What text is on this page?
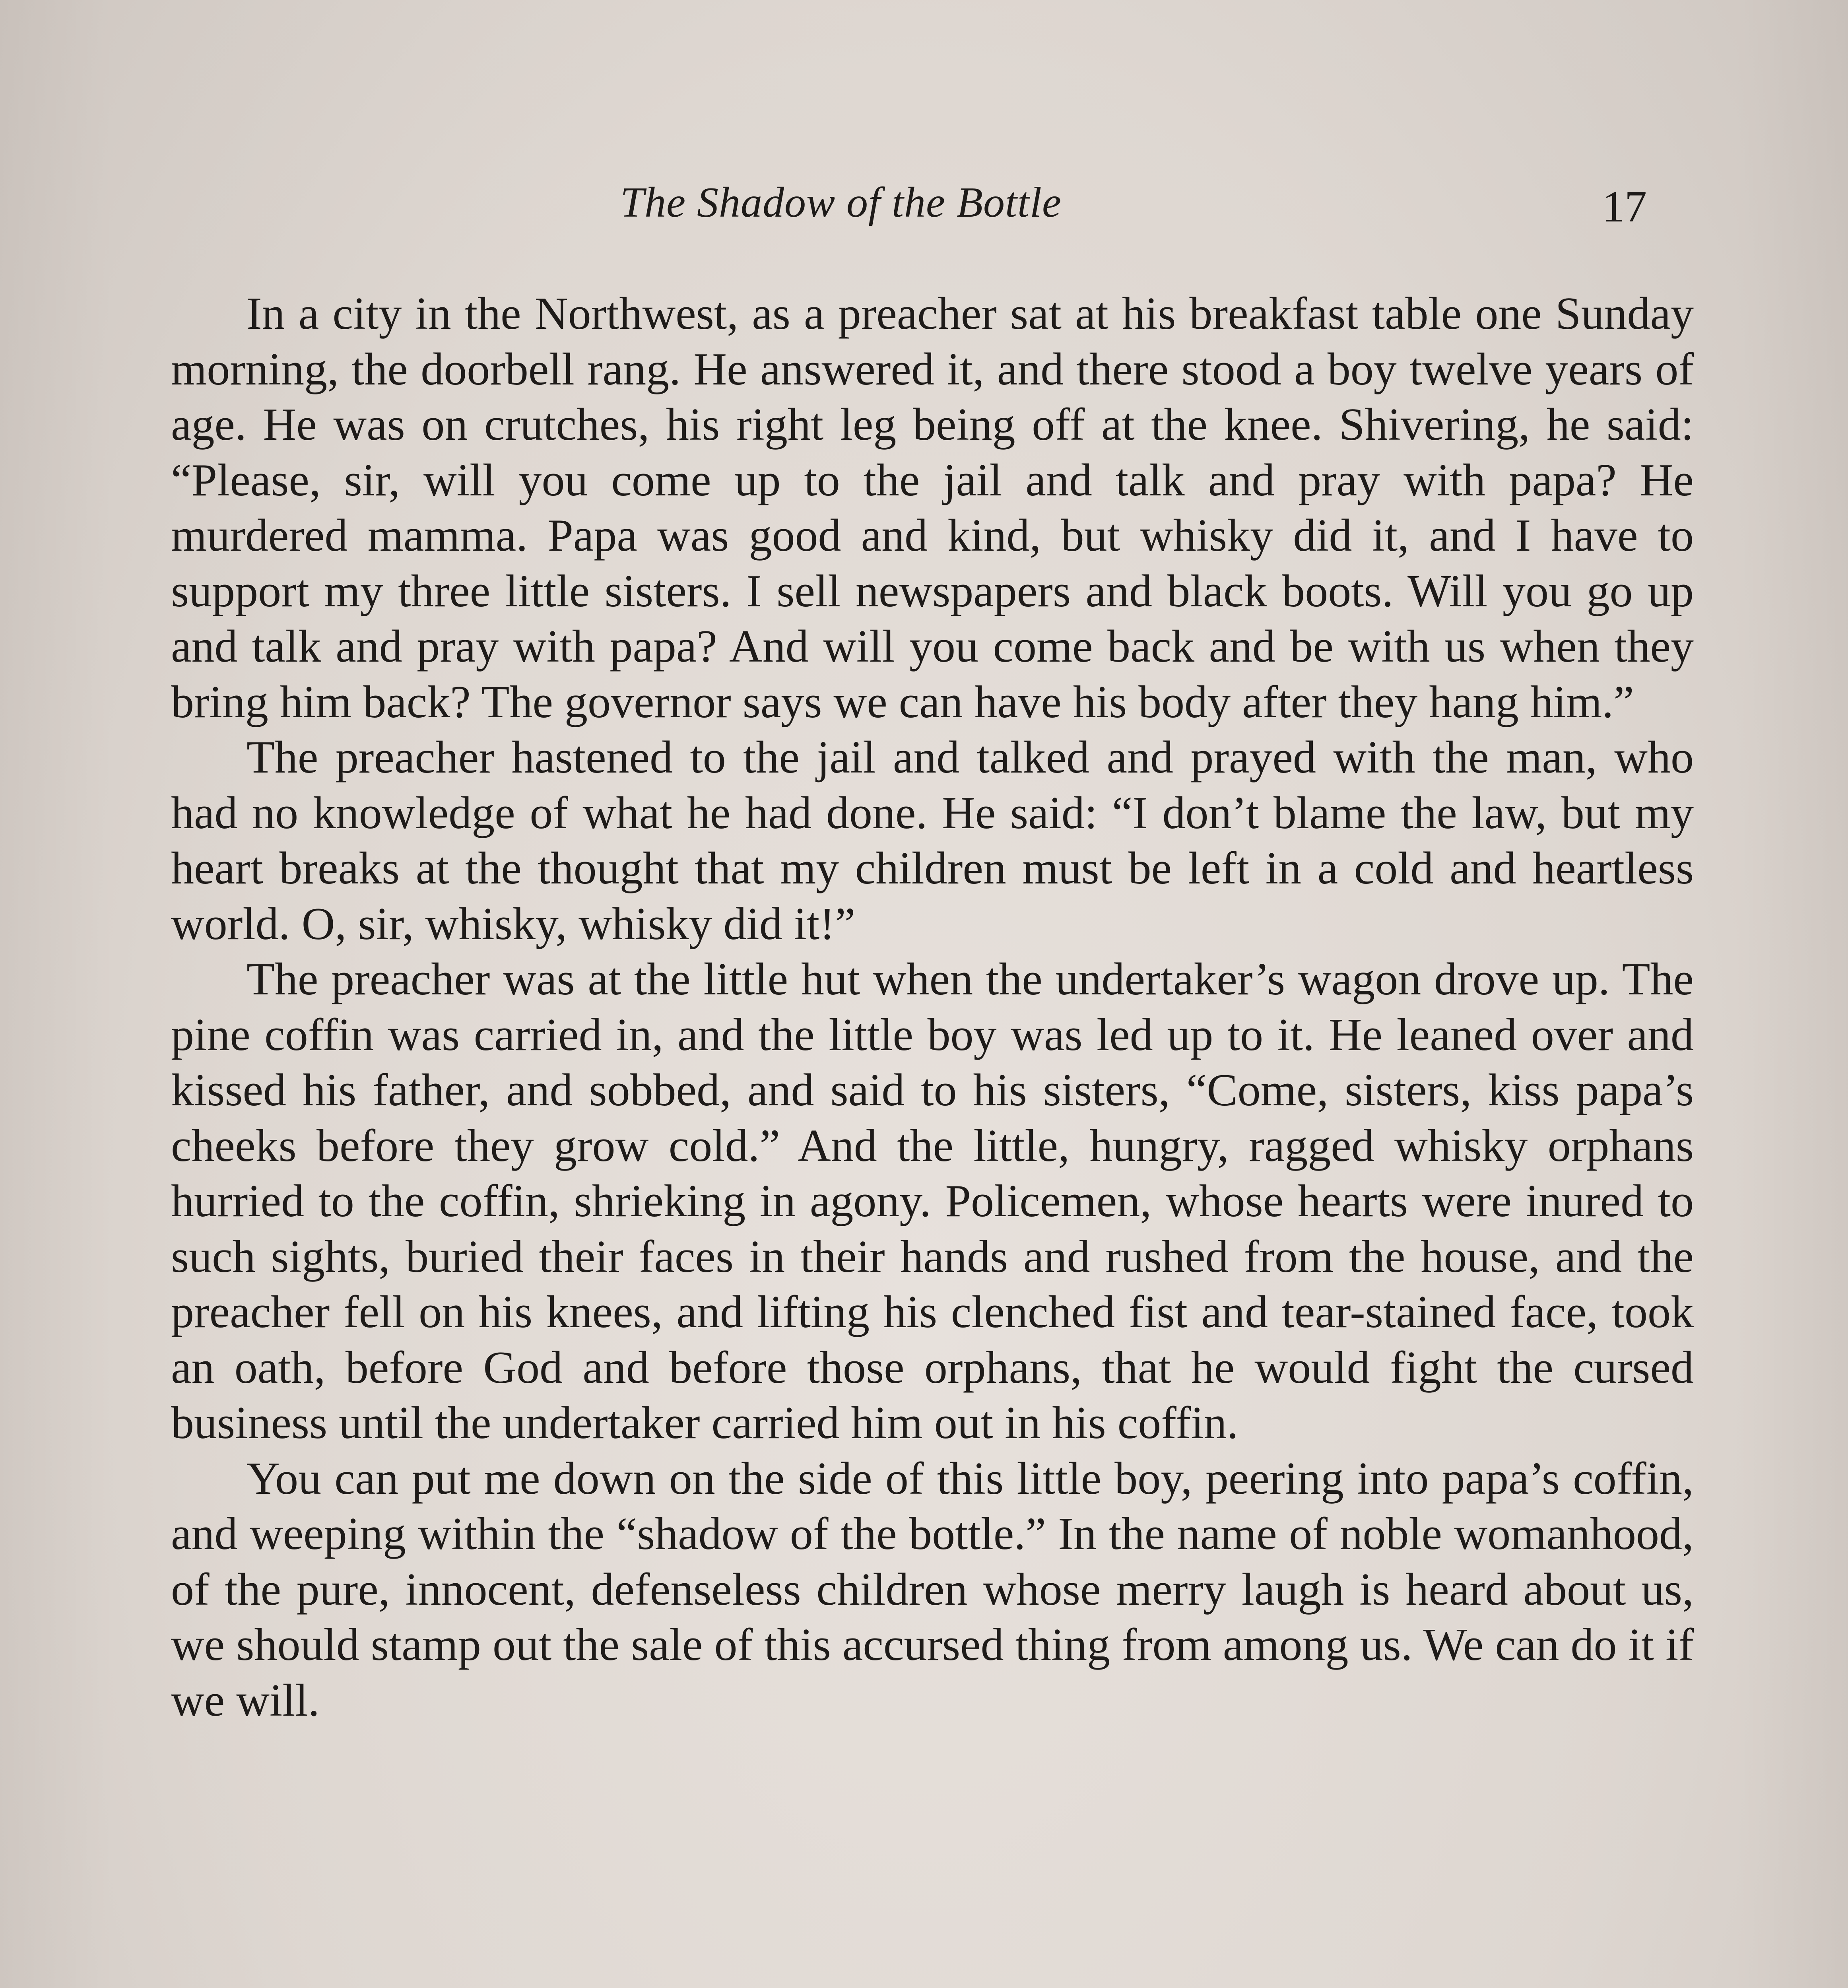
The Shadow of the Bottle	17

In a city in the Northwest, as a preacher sat at his breakfast table one Sunday morning, the doorbell rang. He answered it, and there stood a boy twelve years of age. He was on crutches, his right leg being off at the knee. Shivering, he said: “Please, sir, will you come up to the jail and talk and pray with papa? He murdered mamma. Papa was good and kind, but whisky did it, and I have to support my three little sisters. I sell newspapers and black boots. Will you go up and talk and pray with papa? And will you come back and be with us when they bring him back? The governor says we can have his body after they hang him.”

The preacher hastened to the jail and talked and prayed with the man, who had no knowledge of what he had done. He said: “I don’t blame the law, but my heart breaks at the thought that my children must be left in a cold and heartless world. O, sir, whisky, whisky did it!”

The preacher was at the little hut when the undertaker’s wagon drove up. The pine coffin was carried in, and the little boy was led up to it. He leaned over and kissed his father, and sobbed, and said to his sisters, “Come, sisters, kiss papa’s cheeks before they grow cold.” And the little, hungry, ragged whisky orphans hurried to the coffin, shrieking in agony. Policemen, whose hearts were inured to such sights, buried their faces in their hands and rushed from the house, and the preacher fell on his knees, and lifting his clenched fist and tear-stained face, took an oath, before God and before those orphans, that he would fight the cursed business until the undertaker carried him out in his coffin.

You can put me down on the side of this little boy, peering into papa’s coffin, and weeping within the “shadow of the bottle.” In the name of noble womanhood, of the pure, innocent, defenseless children whose merry laugh is heard about us, we should stamp out the sale of this accursed thing from among us. We can do it if we will.
